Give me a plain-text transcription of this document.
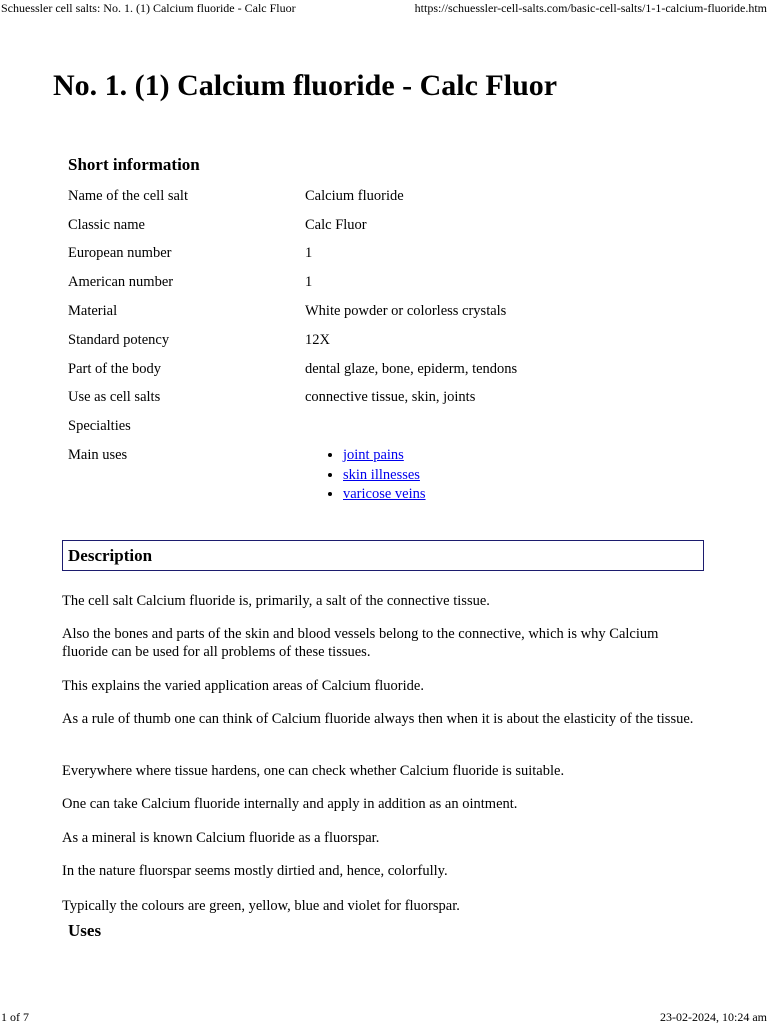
Schuessler cell salts: No. 1. (1) Calcium fluoride - Calc Fluor	https://schuessler-cell-salts.com/basic-cell-salts/1-1-calcium-fluoride.htm
No. 1. (1) Calcium fluoride - Calc Fluor
Short information
Name of the cell salt	Calcium fluoride
Classic name	Calc Fluor
European number	1
American number	1
Material	White powder or colorless crystals
Standard potency	12X
Part of the body	dental glaze, bone, epiderm, tendons
Use as cell salts	connective tissue, skin, joints
Specialties
Main uses
•	joint pains
• skin illnesses
• varicose veins
Description

The cell salt Calcium fluoride is, primarily, a salt of the connective tissue.

Also the bones and parts of the skin and blood vessels belong to the connective, which is why Calcium fluoride can be used for all problems of these tissues.

This explains the varied application areas of Calcium fluoride.

As a rule of thumb one can think of Calcium fluoride always then when it is about the elasticity of the tissue.

Everywhere where tissue hardens, one can check whether Calcium fluoride is suitable.

One can take Calcium fluoride internally and apply in addition as an ointment.

As a mineral is known Calcium fluoride as a fluorspar.

In the nature fluorspar seems mostly dirtied and, hence, colorfully.

Typically the colours are green, yellow, blue and violet for fluorspar.

Uses
1 of 7	23-02-2024, 10:24 am
